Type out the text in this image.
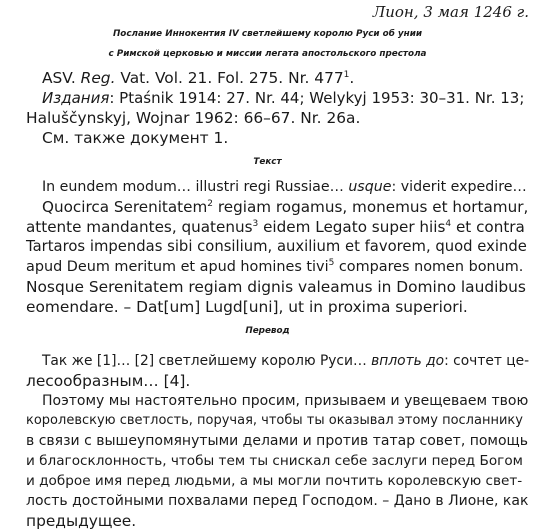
Лион, 3 мая 1246 г.
Послание Иннокентия IV светлейшему королю Руси об унии
с Римской церковью и миссии легата апостольского престола
ASV. Reg. Vat. Vol. 21. Fol. 275. Nr. $477^1$.
Издания: Ptaśnik 1914: 27. Nr. 44; Welykyj 1953: 30–31. Nr. 13;
Haluščynskyj, Wojnar 1962: 66–67. Nr. 26a.
См. также документ 1.
Текст
In eundem modum… illustri regi Russiae… usque: viderit expedire…
Quocirca Serenitatem$^2$ regiam rogamus, monemus et hortamur,
attente mandantes, quatenus$^3$ eidem Legato super hiis$^4$ et contra
Tartaros impendas sibi consilium, auxilium et favorem, quod exinde
apud Deum meritum et apud homines tivi$^5$ compares nomen bonum.
Nosque Serenitatem regiam dignis valeamus in Domino laudibus
eomendare. – Dat[um] Lugd[uni], ut in proxima superiori.
Перевод
Так же [1]… [2] светлейшему королю Руси… вплоть до: сочтет це-
лесообразным… [4].
Поэтому мы настоятельно просим, призываем и увещеваем твою
королевскую светлость, поручая, чтобы ты оказывал этому посланнику
в связи с вышеупомянутыми делами и против татар совет, помощь
и благосклонность, чтобы тем ты снискал себе заслуги перед Богом
и доброе имя перед людьми, а мы могли почтить королевскую свет-
лость достойными похвалами перед Господом. – Дано в Лионе, как
предыдущее.
